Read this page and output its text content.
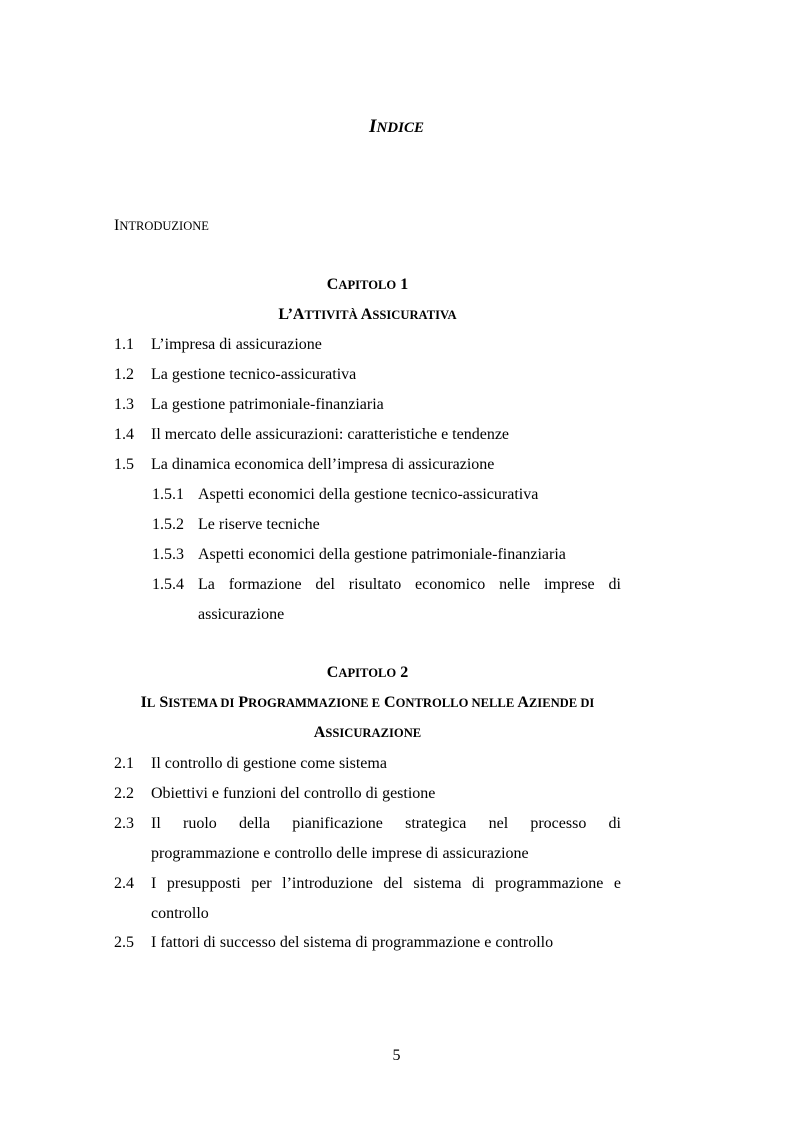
INDICE
INTRODUZIONE
CAPITOLO 1
L’ATTIVITÀ ASSICURATIVA
1.1 L’impresa di assicurazione
1.2 La gestione tecnico-assicurativa
1.3 La gestione patrimoniale-finanziaria
1.4 Il mercato delle assicurazioni: caratteristiche e tendenze
1.5 La dinamica economica dell’impresa di assicurazione
1.5.1 Aspetti economici della gestione tecnico-assicurativa
1.5.2 Le riserve tecniche
1.5.3 Aspetti economici della gestione patrimoniale-finanziaria
1.5.4 La formazione del risultato economico nelle imprese di
assicurazione
CAPITOLO 2
IL SISTEMA DI PROGRAMMAZIONE E CONTROLLO NELLE AZIENDE DI
ASSICURAZIONE
2.1 Il controllo di gestione come sistema
2.2 Obiettivi e funzioni del controllo di gestione
2.3 Il ruolo della pianificazione strategica nel processo di
programmazione e controllo delle imprese di assicurazione
2.4 I presupposti per l’introduzione del sistema di programmazione e
controllo
2.5 I fattori di successo del sistema di programmazione e controllo
5
